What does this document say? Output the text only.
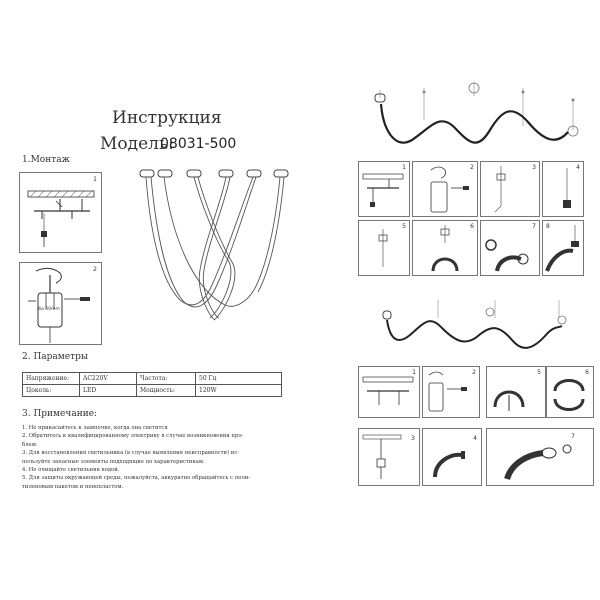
Инструкция
Модель:
08031-500
1.Монтаж
2. Параметры
3. Примечание:
1
2
dia 60mm
Напряжение:	AC220V	Частота:	50 Гц
Цоколь:	LED	Мощность:	120W
1. Не прикасайтесь к лампочке, когда она светится
2. Обратитесь к квалифицированному электрику в случае возникновения про-
блем.
3. Для восстановления светильника (в случае выявления неисправности) ис-
пользуйте запасные элементы подходящие по характеристикам.
4. Не очищайте светильник водой.
5. Для защиты окружающей среды, пожалуйста, аккуратно обращайтесь с поли-
тиленовым пакетом и пенопластом.
1	2	3	4
5	6	7 8
1	2	5	6
3	4	7
